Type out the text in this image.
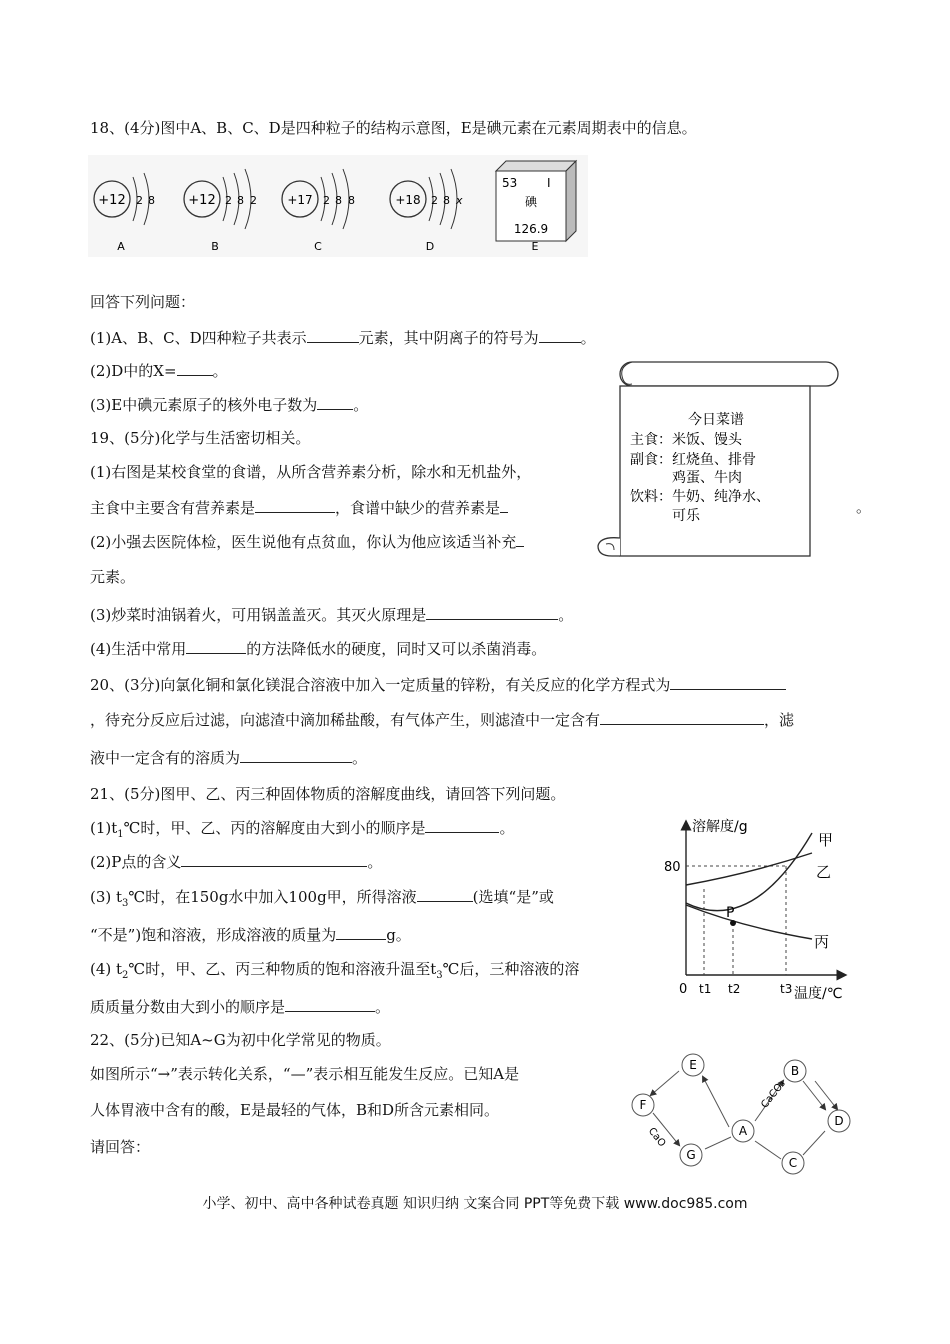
18、(4分)图中A、B、C、D是四种粒子的结构示意图，E是碘元素在元素周期表中的信息。
+12 2 8
A
+12 2 8 2
B
+17 2 8 8
C
+18 2 8 x
D
53 I
碘
126.9
E
回答下列问题：
(1)A、B、C、D四种粒子共表示	元素，其中阴离子的符号为	。
(2)D中的X= 。
(3)E中碘元素原子的核外电子数为 。
19、(5分)化学与生活密切相关。
(1)右图是某校食堂的食谱，从所含营养素分析，除水和无机盐外，
主食中主要含有营养素是	，食谱中缺少的营养素是	。
(2)小强去医院体检，医生说他有点贫血，你认为他应该适当补充
元素。
(3)炒菜时油锅着火，可用锅盖盖灭。其灭火原理是	。
(4)生活中常用	的方法降低水的硬度，同时又可以杀菌消毒。
今日菜谱
主食：米饭、馒头
副食：红烧鱼、排骨
　　　鸡蛋、牛肉
饮料：牛奶、纯净水、
　　　可乐
20、(3分)向氯化铜和氯化镁混合溶液中加入一定质量的锌粉，有关反应的化学方程式为
，待充分反应后过滤，向滤渣中滴加稀盐酸，有气体产生，则滤渣中一定含有	，滤
液中一定含有的溶质为	。
21、(5分)图甲、乙、丙三种固体物质的溶解度曲线，请回答下列问题。
$(1)t_1℃$时，甲、乙、丙的溶解度由大到小的顺序是	。
(2)P点的含义	。
(3) $t_3℃$时，在150g水中加入100g甲，所得溶液	(选填“是”或
“不是”)饱和溶液，形成溶液的质量为	g。
(4) $t_2℃$时，甲、乙、丙三种物质的饱和溶液升温至$t_3℃$后，三种溶液的溶
质质量分数由大到小的顺序是	。
溶解度/g
温度/℃
80
P
甲
乙
丙
0 t1 t2	t3
22、(5分)已知A~G为初中化学常见的物质。
如图所示“→”表示转化关系，“—”表示相互能发生反应。已知A是
人体胃液中含有的酸，E是最轻的气体，B和D所含元素相同。
请回答：
A
B
C
D
E
F
G
CaCO₃
CaO
小学、初中、高中各种试卷真题 知识归纳 文案合同 PPT等免费下载 www.doc985.com
